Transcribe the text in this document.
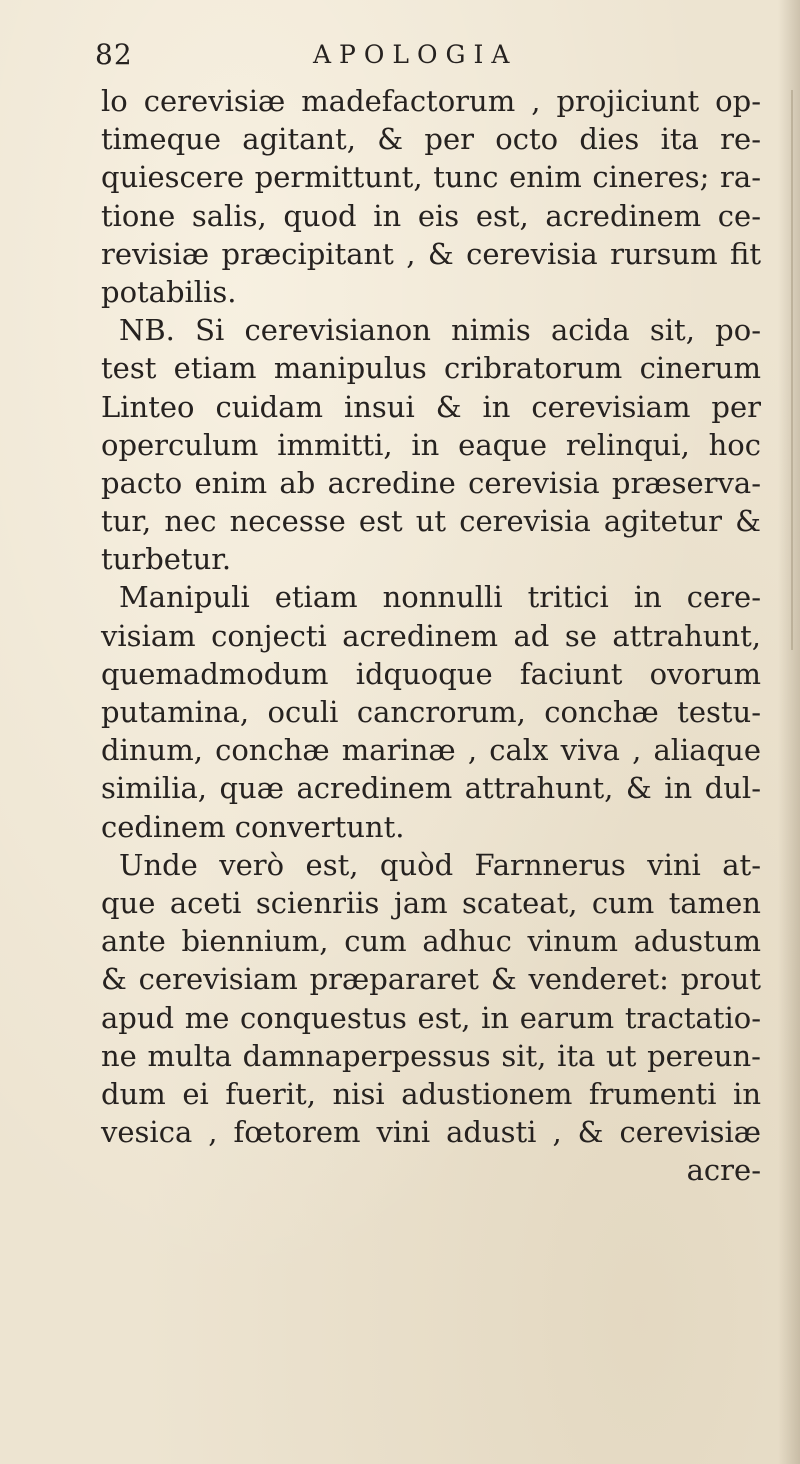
82	APOLOGIA
lo cerevisiæ madefactorum , projiciunt op-
timeque agitant, & per octo dies ita re-
quiescere permittunt, tunc enim cineres; ra-
tione salis, quod in eis est, acredinem ce-
revisiæ præcipitant , & cerevisia rursum fit
potabilis.
NB. Si cerevisianon nimis acida sit, po-
test etiam manipulus cribratorum cinerum
Linteo cuidam insui & in cerevisiam per
operculum immitti, in eaque relinqui, hoc
pacto enim ab acredine cerevisia præserva-
tur, nec necesse est ut cerevisia agitetur &
turbetur.
Manipuli etiam nonnulli tritici in cere-
visiam conjecti acredinem ad se attrahunt,
quemadmodum idquoque faciunt ovorum
putamina, oculi cancrorum, conchæ testu-
dinum, conchæ marinæ , calx viva , aliaque
similia, quæ acredinem attrahunt, & in dul-
cedinem convertunt.
Unde verò est, quòd Farnnerus vini at-
que aceti scienriis jam scateat, cum tamen
ante biennium, cum adhuc vinum adustum
& cerevisiam præpararet & venderet: prout
apud me conquestus est, in earum tractatio-
ne multa damnaperpessus sit, ita ut pereun-
dum ei fuerit, nisi adustionem frumenti in
vesica , fœtorem vini adusti , & cerevisiæ
acre-
